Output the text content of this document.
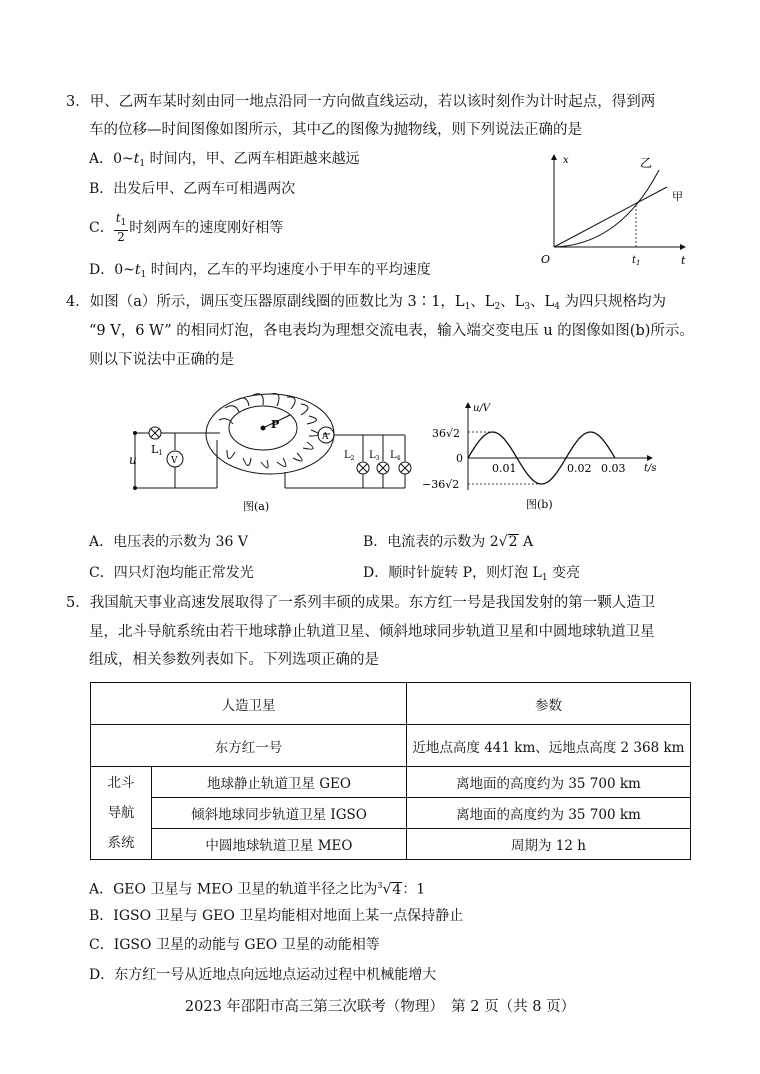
3．甲、乙两车某时刻由同一地点沿同一方向做直线运动，若以该时刻作为计时起点，得到两
车的位移—时间图像如图所示，其中乙的图像为抛物线，则下列说法正确的是
A．$0\sim t_1$ 时间内，甲、乙两车相距越来越远
B．出发后甲、乙两车可相遇两次
C． $\frac{t_1}{2}$ 时刻两车的速度刚好相等
D．$0\sim t_1$ 时间内，乙车的平均速度小于甲车的平均速度
x
t
O	$t_1$
乙
甲
4．如图（a）所示，调压变压器原副线圈的匝数比为 3∶1，$L_1$、$L_2$、$L_3$、$L_4$ 为四只规格均为
“9 V，6 W” 的相同灯泡，各电表均为理想交流电表，输入端交变电压 u 的图像如图(b)所示。
则以下说法中正确的是
u
L1
V
A
P
$L_2$ $L_3$ $L_4$
图(a)
u/V
t/s
36√2
−36√2
0
0.01	0.02 0.03
图(b)
A．电压表的示数为 36 V	B．电流表的示数为 2√2 A
C．四只灯泡均能正常发光	D．顺时针旋转 P，则灯泡 $L_1$ 变亮
5．我国航天事业高速发展取得了一系列丰硕的成果。东方红一号是我国发射的第一颗人造卫
星，北斗导航系统由若干地球静止轨道卫星、倾斜地球同步轨道卫星和中圆地球轨道卫星
组成，相关参数列表如下。下列选项正确的是
人造卫星		参数
东方红一号		近地点高度 441 km、远地点高度 2 368 km
北斗
导航
系统	地球静止轨道卫星 GEO	离地面的高度约为 35 700 km
	倾斜地球同步轨道卫星 IGSO	离地面的高度约为 35 700 km
	中圆地球轨道卫星 MEO	周期为 12 h
A．GEO 卫星与 MEO 卫星的轨道半径之比为$^3$√4：1
B．IGSO 卫星与 GEO 卫星均能相对地面上某一点保持静止
C．IGSO 卫星的动能与 GEO 卫星的动能相等
D．东方红一号从近地点向远地点运动过程中机械能增大
2023 年邵阳市高三第三次联考（物理）　第 2 页（共 8 页）
